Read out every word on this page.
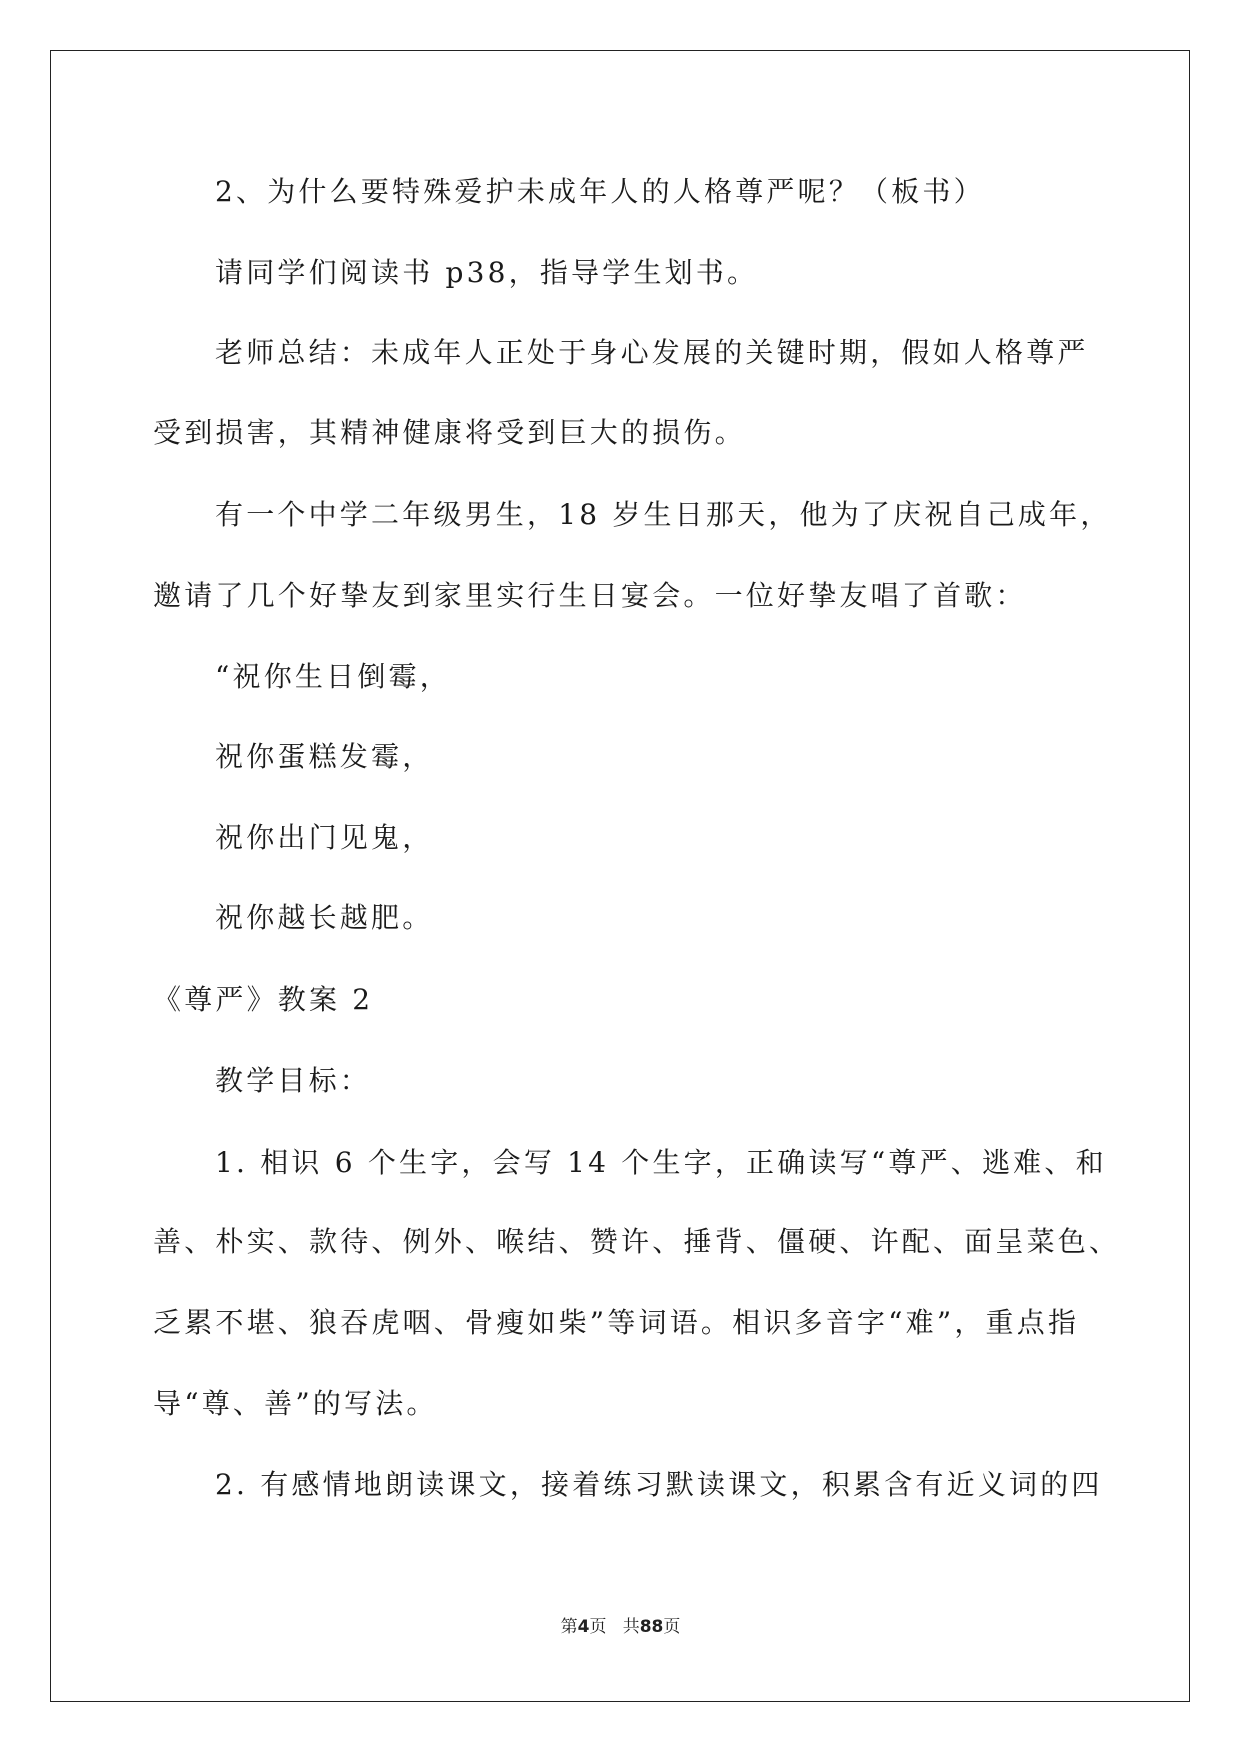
2、为什么要特殊爱护未成年人的人格尊严呢？（板书）
请同学们阅读书 p38，指导学生划书。
老师总结：未成年人正处于身心发展的关键时期，假如人格尊严
受到损害，其精神健康将受到巨大的损伤。
有一个中学二年级男生，18 岁生日那天，他为了庆祝自己成年，
邀请了几个好挚友到家里实行生日宴会。一位好挚友唱了首歌：
“祝你生日倒霉，
祝你蛋糕发霉，
祝你出门见鬼，
祝你越长越肥。
《尊严》教案 2
教学目标：
1. 相识 6 个生字，会写 14 个生字，正确读写“尊严、逃难、和
善、朴实、款待、例外、喉结、赞许、捶背、僵硬、许配、面呈菜色、
乏累不堪、狼吞虎咽、骨瘦如柴”等词语。相识多音字“难”，重点指
导“尊、善”的写法。
2. 有感情地朗读课文，接着练习默读课文，积累含有近义词的四
第4页 共88页
